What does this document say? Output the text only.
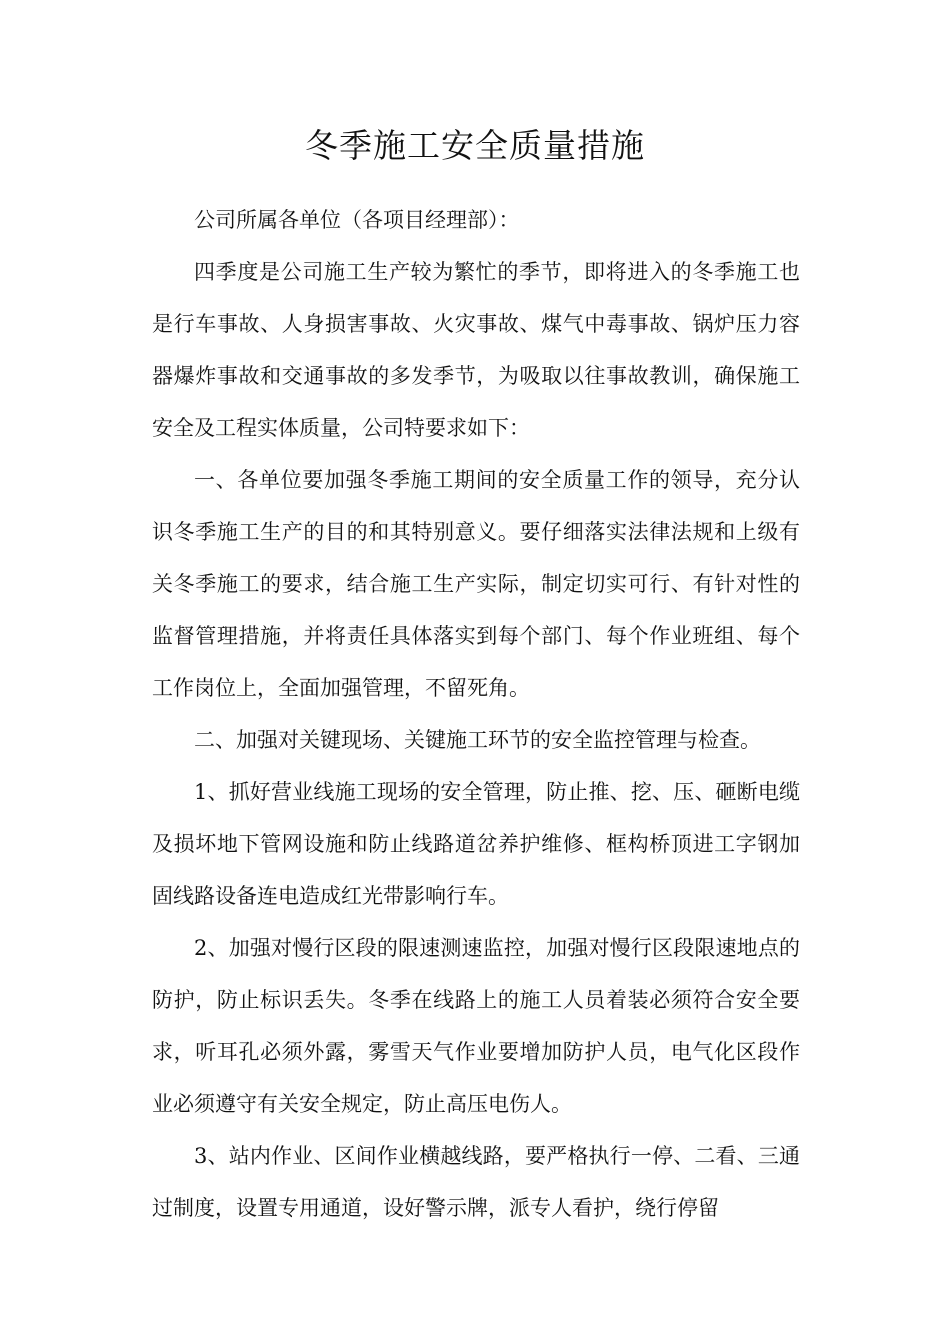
冬季施工安全质量措施

公司所属各单位（各项目经理部）：

四季度是公司施工生产较为繁忙的季节，即将进入的冬季施工也是行车事故、人身损害事故、火灾事故、煤气中毒事故、锅炉压力容器爆炸事故和交通事故的多发季节，为吸取以往事故教训，确保施工安全及工程实体质量，公司特要求如下：

一、各单位要加强冬季施工期间的安全质量工作的领导，充分认识冬季施工生产的目的和其特别意义。要仔细落实法律法规和上级有关冬季施工的要求，结合施工生产实际，制定切实可行、有针对性的监督管理措施，并将责任具体落实到每个部门、每个作业班组、每个工作岗位上，全面加强管理，不留死角。

二、加强对关键现场、关键施工环节的安全监控管理与检查。

1、抓好营业线施工现场的安全管理，防止推、挖、压、砸断电缆及损坏地下管网设施和防止线路道岔养护维修、框构桥顶进工字钢加固线路设备连电造成红光带影响行车。

2、加强对慢行区段的限速测速监控，加强对慢行区段限速地点的防护，防止标识丢失。冬季在线路上的施工人员着装必须符合安全要求，听耳孔必须外露，雾雪天气作业要增加防护人员，电气化区段作业必须遵守有关安全规定，防止高压电伤人。

3、站内作业、区间作业横越线路，要严格执行一停、二看、三通过制度，设置专用通道，设好警示牌，派专人看护，绕行停留
